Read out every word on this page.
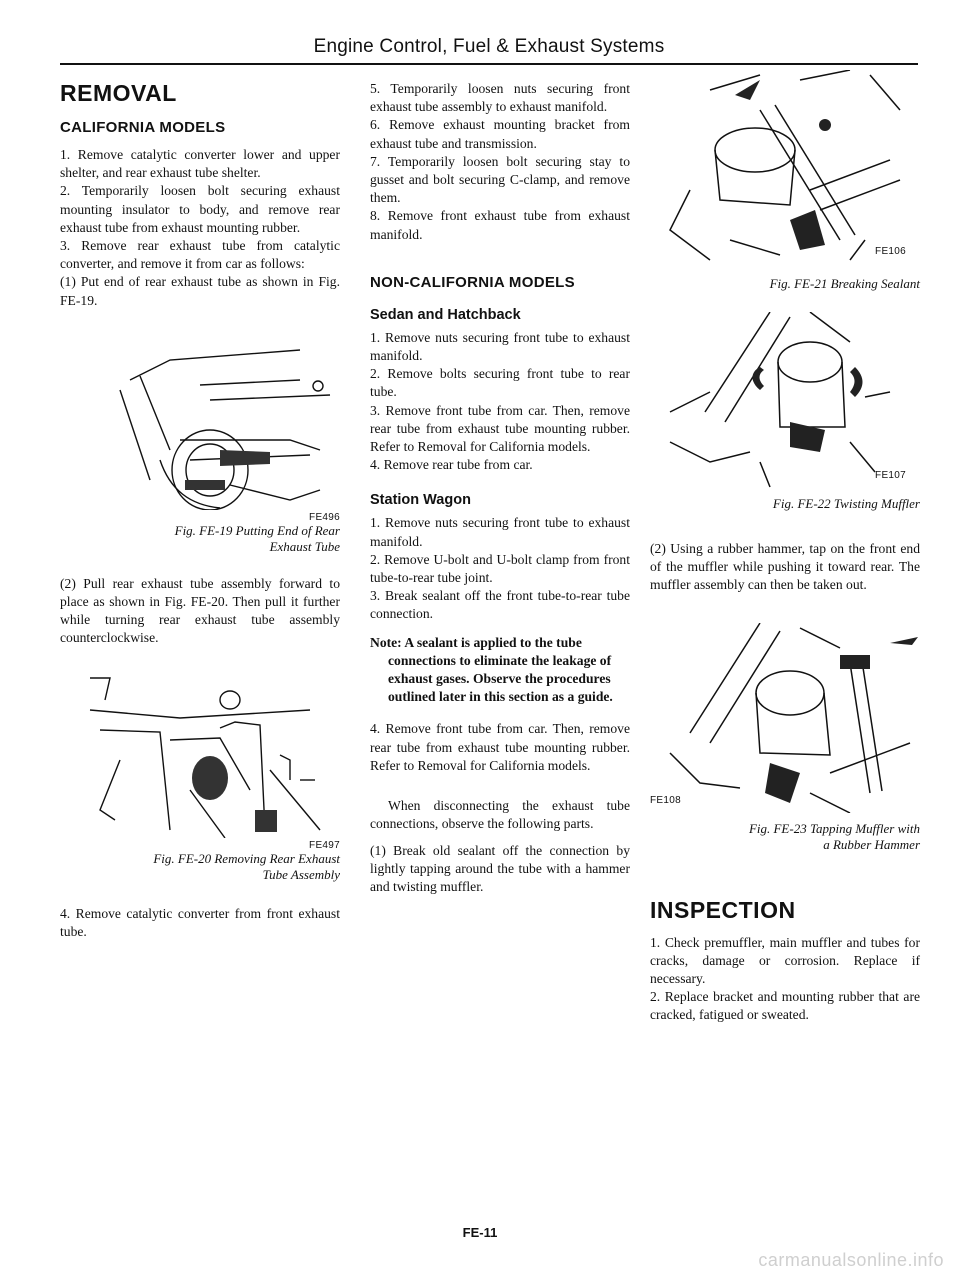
Engine Control, Fuel & Exhaust Systems
REMOVAL
CALIFORNIA MODELS

1. Remove catalytic converter lower and upper shelter, and rear exhaust tube shelter.

2. Temporarily loosen bolt securing exhaust mounting insulator to body, and remove rear exhaust tube from exhaust mounting rubber.

3. Remove rear exhaust tube from catalytic converter, and remove it from car as follows:

(1) Put end of rear exhaust tube as shown in Fig. FE-19.

FE496
Fig. FE-19 Putting End of Rear
Exhaust Tube

(2) Pull rear exhaust tube assembly forward to place as shown in Fig. FE-20. Then pull it further while turning rear exhaust tube assembly counterclockwise.

FE497
Fig. FE-20 Removing Rear Exhaust
Tube Assembly

4. Remove catalytic converter from front exhaust tube.

5. Temporarily loosen nuts securing front exhaust tube assembly to exhaust manifold.

6. Remove exhaust mounting bracket from exhaust tube and transmission.

7. Temporarily loosen bolt securing stay to gusset and bolt securing C-clamp, and remove them.

8. Remove front exhaust tube from exhaust manifold.

NON-CALIFORNIA MODELS
Sedan and Hatchback

1. Remove nuts securing front tube to exhaust manifold.

2. Remove bolts securing front tube to rear tube.

3. Remove front tube from car. Then, remove rear tube from exhaust tube mounting rubber. Refer to Removal for California models.

4. Remove rear tube from car.

Station Wagon

1. Remove nuts securing front tube to exhaust manifold.

2. Remove U-bolt and U-bolt clamp from front tube-to-rear tube joint.

3. Break sealant off the front tube-to-rear tube connection.

Note: A sealant is applied to the tube
connections to eliminate the leakage of exhaust gases. Observe the procedures outlined later in this section as a guide.

4. Remove front tube from car. Then, remove rear tube from exhaust tube mounting rubber. Refer to Removal for California models.

When disconnecting the exhaust tube connections, observe the following parts.

(1) Break old sealant off the connection by lightly tapping around the tube with a hammer and twisting muffler.

FE106
Fig. FE-21 Breaking Sealant
FE107
Fig. FE-22 Twisting Muffler

(2) Using a rubber hammer, tap on the front end of the muffler while pushing it toward rear. The muffler assembly can then be taken out.

FE108
Fig. FE-23 Tapping Muffler with
a Rubber Hammer
INSPECTION

1. Check premuffler, main muffler and tubes for cracks, damage or corrosion. Replace if necessary.

2. Replace bracket and mounting rubber that are cracked, fatigued or sweated.

FE-11
carmanualsonline.info
